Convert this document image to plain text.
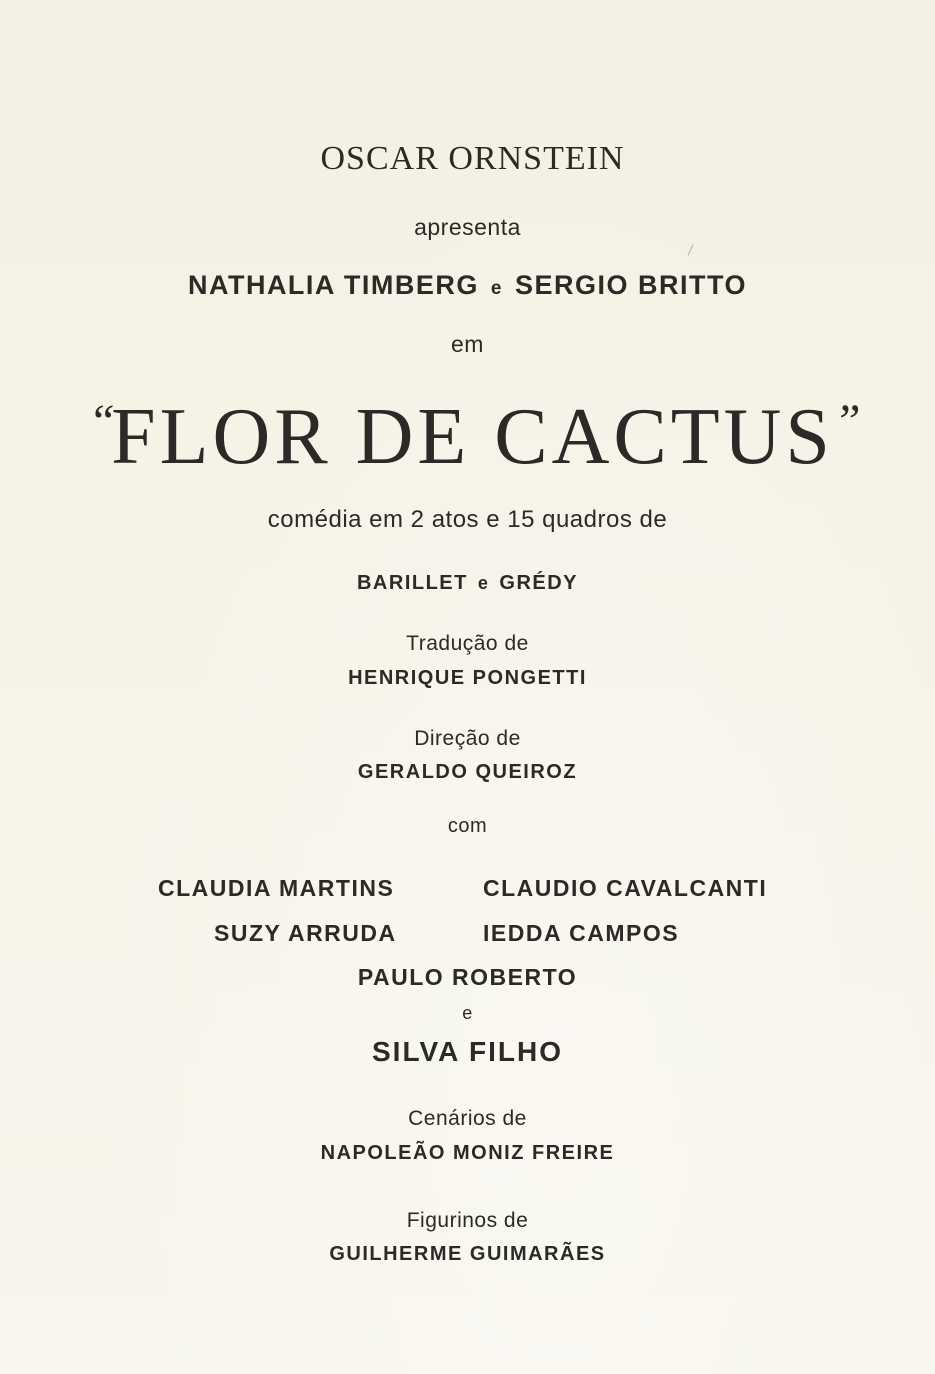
OSCAR ORNSTEIN
apresenta
NATHALIA TIMBERG e SERGIO BRITTO
em
“FLOR DE CACTUS”
comédia em 2 atos e 15 quadros de
BARILLET e GRÉDY
Tradução de
HENRIQUE PONGETTI
Direção de
GERALDO QUEIROZ
com
CLAUDIA MARTINS	CLAUDIO CAVALCANTI
SUZY ARRUDA	IEDDA CAMPOS
PAULO ROBERTO
e
SILVA FILHO
Cenários de
NAPOLEÃO MONIZ FREIRE
Figurinos de
GUILHERME GUIMARÃES
